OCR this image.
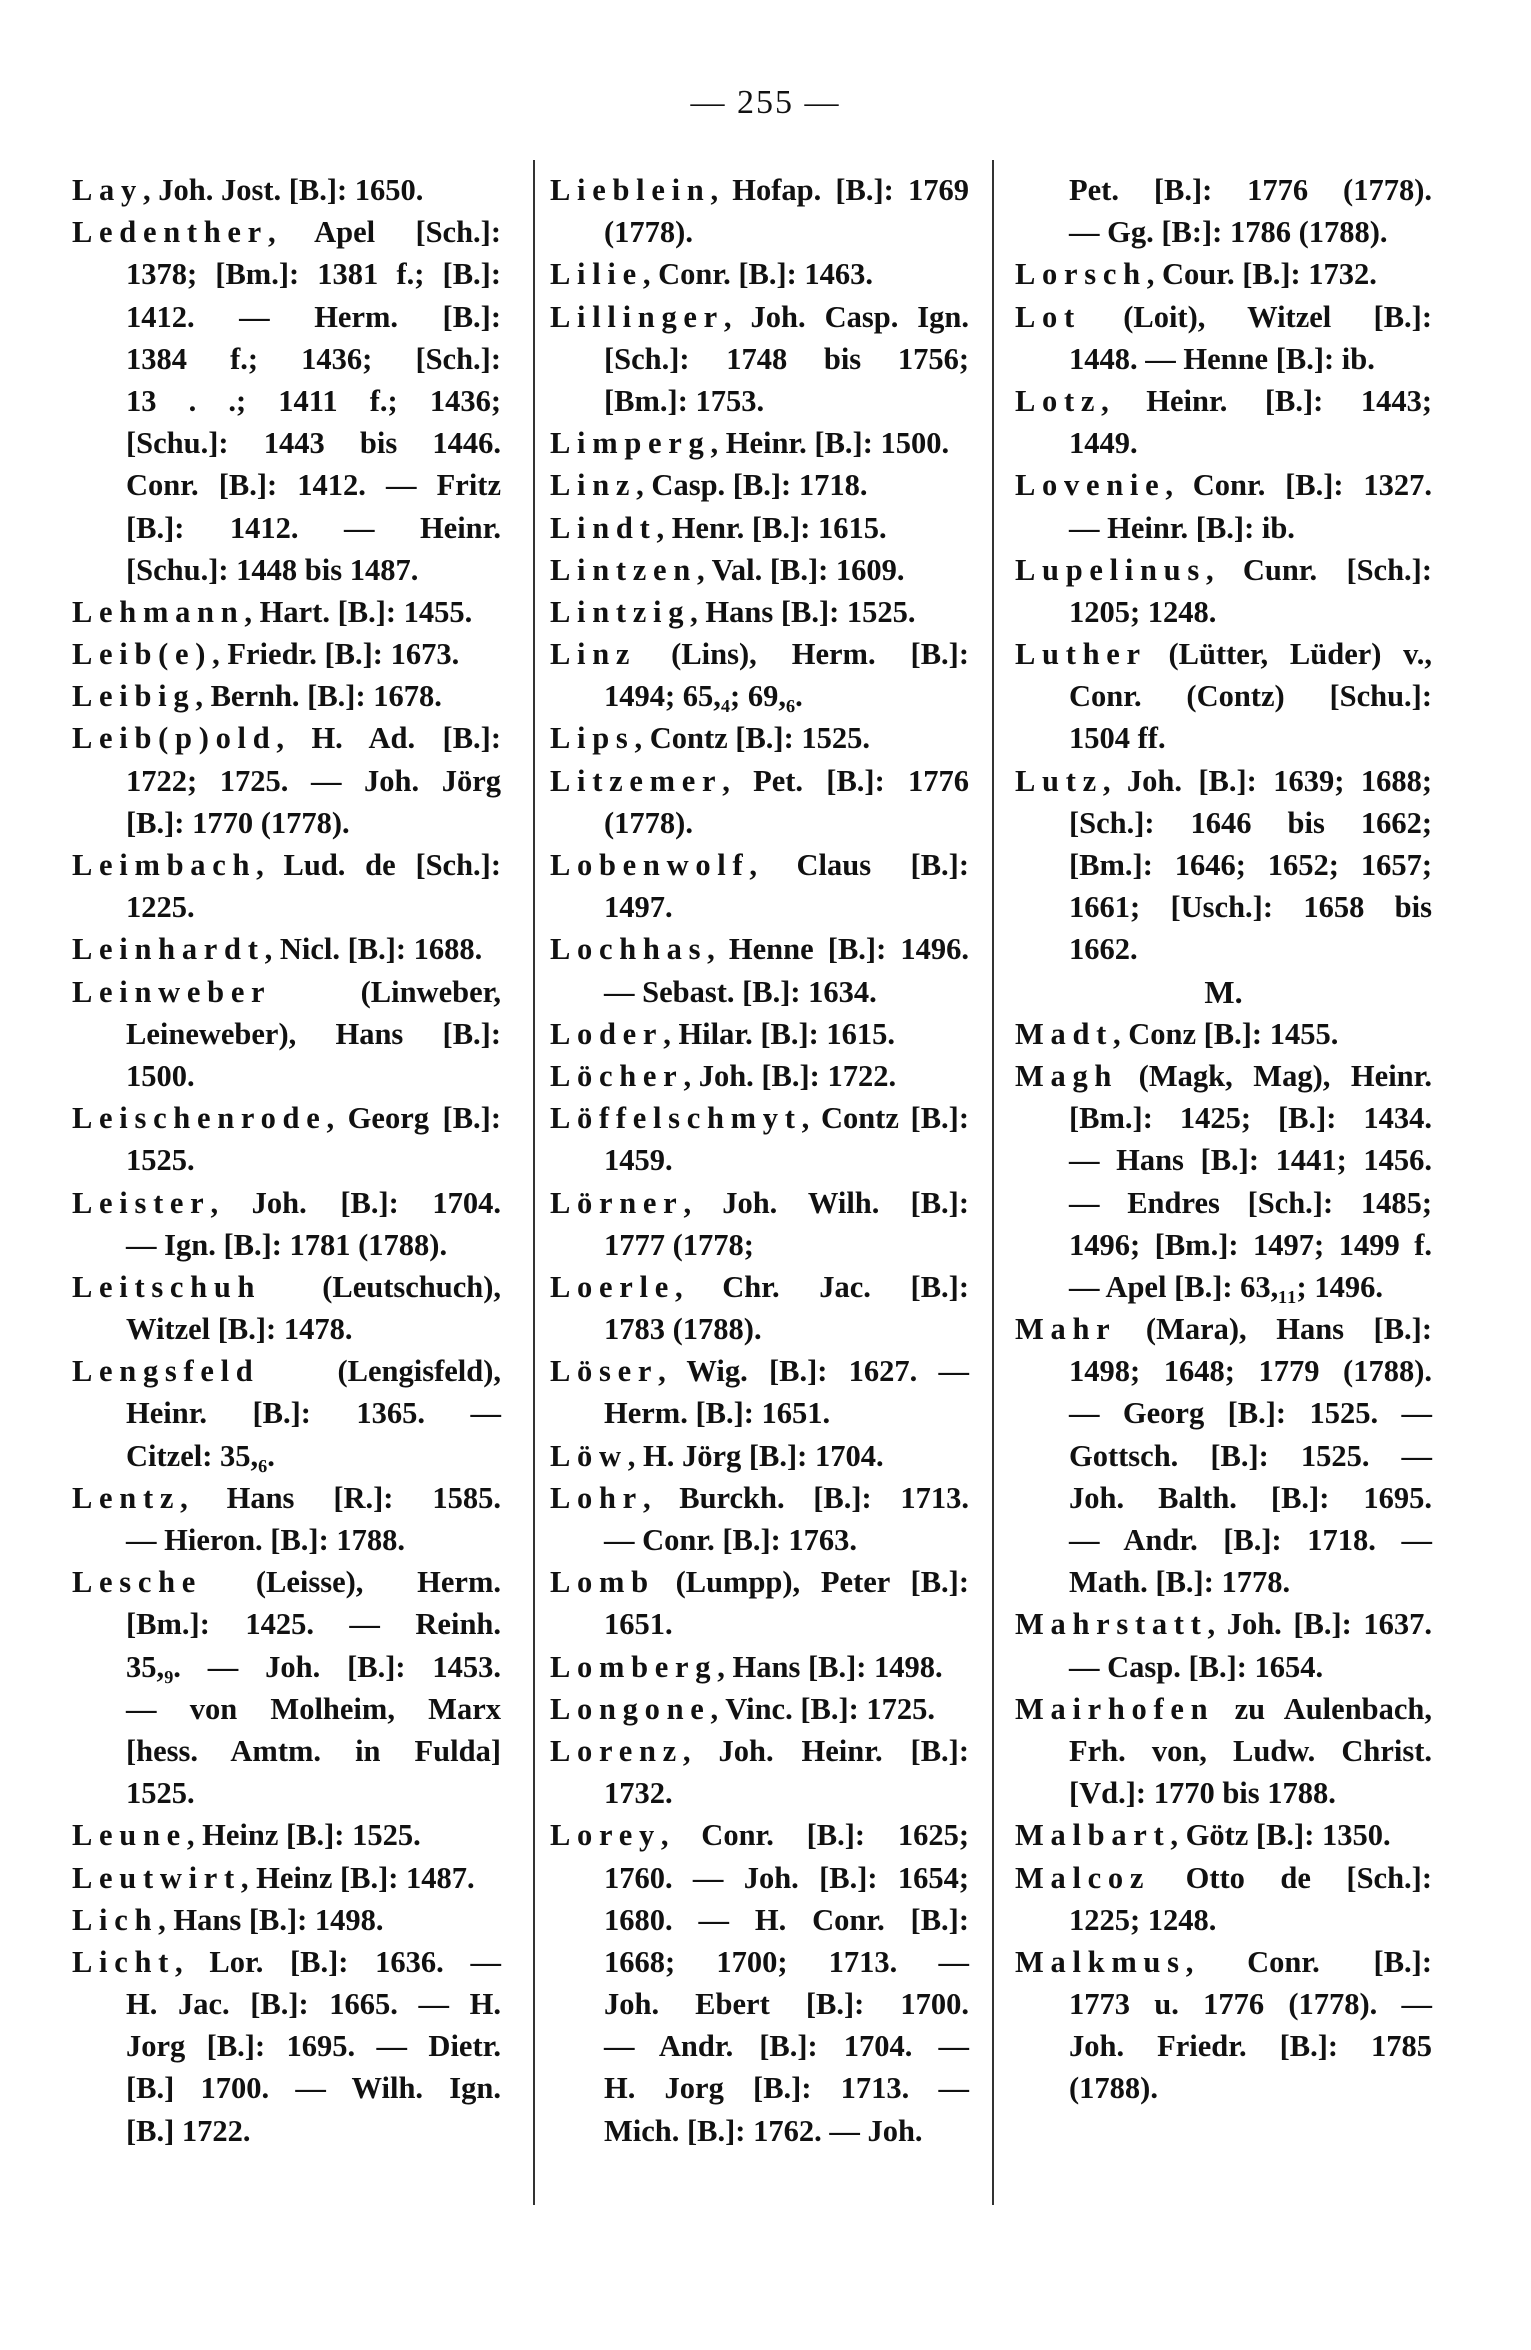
— 255 —
Lay, Joh. Jost. [B.]: 1650.
Ledenther, Apel [Sch.]:
1378; [Bm.]: 1381 f.; [B.]:
1412. — Herm. [B.]:
1384 f.; 1436; [Sch.]:
13 . .; 1411 f.; 1436;
[Schu.]: 1443 bis 1446.
Conr. [B.]: 1412. — Fritz
[B.]: 1412. — Heinr.
[Schu.]: 1448 bis 1487.
Lehmann, Hart. [B.]: 1455.
Leib(e), Friedr. [B.]: 1673.
Leibig, Bernh. [B.]: 1678.
Leib(p)old, H. Ad. [B.]:
1722; 1725. — Joh. Jörg
[B.]: 1770 (1778).
Leimbach, Lud. de [Sch.]:
1225.
Leinhardt, Nicl. [B.]: 1688.
Leinweber (Linweber,
Leineweber), Hans [B.]:
1500.
Leischenrode, Georg [B.]:
1525.
Leister, Joh. [B.]: 1704.
— Ign. [B.]: 1781 (1788).
Leitschuh (Leutschuch),
Witzel [B.]: 1478.
Lengsfeld (Lengisfeld),
Heinr. [B.]: 1365. —
Citzel: 35,₆.
Lentz, Hans [R.]: 1585.
— Hieron. [B.]: 1788.
Lesche (Leisse), Herm.
[Bm.]: 1425. — Reinh.
35,₉. — Joh. [B.]: 1453.
— von Molheim, Marx
[hess. Amtm. in Fulda]
1525.
Leune, Heinz [B.]: 1525.
Leutwirt, Heinz [B.]: 1487.
Lich, Hans [B.]: 1498.
Licht, Lor. [B.]: 1636. —
H. Jac. [B.]: 1665. — H.
Jorg [B.]: 1695. — Dietr.
[B.] 1700. — Wilh. Ign.
[B.] 1722.
Lieblein, Hofap. [B.]: 1769
(1778).
Lilie, Conr. [B.]: 1463.
Lillinger, Joh. Casp. Ign.
[Sch.]: 1748 bis 1756;
[Bm.]: 1753.
Limperg, Heinr. [B.]: 1500.
Linz, Casp. [B.]: 1718.
Lindt, Henr. [B.]: 1615.
Lintzen, Val. [B.]: 1609.
Lintzig, Hans [B.]: 1525.
Linz (Lins), Herm. [B.]:
1494; 65,₄; 69,₆.
Lips, Contz [B.]: 1525.
Litzemer, Pet. [B.]: 1776
(1778).
Lobenwolf, Claus [B.]:
1497.
Lochhas, Henne [B.]: 1496.
— Sebast. [B.]: 1634.
Loder, Hilar. [B.]: 1615.
Löcher, Joh. [B.]: 1722.
Löffelschmyt, Contz [B.]:
1459.
Lörner, Joh. Wilh. [B.]:
1777 (1778;
Loerle, Chr. Jac. [B.]:
1783 (1788).
Löser, Wig. [B.]: 1627. —
Herm. [B.]: 1651.
Löw, H. Jörg [B.]: 1704.
Lohr, Burckh. [B.]: 1713.
— Conr. [B.]: 1763.
Lomb (Lumpp), Peter [B.]:
1651.
Lomberg, Hans [B.]: 1498.
Longone, Vinc. [B.]: 1725.
Lorenz, Joh. Heinr. [B.]:
1732.
Lorey, Conr. [B.]: 1625;
1760. — Joh. [B.]: 1654;
1680. — H. Conr. [B.]:
1668; 1700; 1713. —
Joh. Ebert [B.]: 1700.
— Andr. [B.]: 1704. —
H. Jorg [B.]: 1713. —
Mich. [B.]: 1762. — Joh.
Pet. [B.]: 1776 (1778).
— Gg. [B:]: 1786 (1788).
Lorsch, Cour. [B.]: 1732.
Lot (Loit), Witzel [B.]:
1448. — Henne [B.]: ib.
Lotz, Heinr. [B.]: 1443;
1449.
Lovenie, Conr. [B.]: 1327.
— Heinr. [B.]: ib.
Lupelinus, Cunr. [Sch.]:
1205; 1248.
Luther (Lütter, Lüder) v.,
Conr. (Contz) [Schu.]:
1504 ff.
Lutz, Joh. [B.]: 1639; 1688;
[Sch.]: 1646 bis 1662;
[Bm.]: 1646; 1652; 1657;
1661; [Usch.]: 1658 bis
1662.
M.
Madt, Conz [B.]: 1455.
Magh (Magk, Mag), Heinr.
[Bm.]: 1425; [B.]: 1434.
— Hans [B.]: 1441; 1456.
— Endres [Sch.]: 1485;
1496; [Bm.]: 1497; 1499 f.
— Apel [B.]: 63,₁₁; 1496.
Mahr (Mara), Hans [B.]:
1498; 1648; 1779 (1788).
— Georg [B.]: 1525. —
Gottsch. [B.]: 1525. —
Joh. Balth. [B.]: 1695.
— Andr. [B.]: 1718. —
Math. [B.]: 1778.
Mahrstatt, Joh. [B.]: 1637.
— Casp. [B.]: 1654.
Mairhofen zu Aulenbach,
Frh. von, Ludw. Christ.
[Vd.]: 1770 bis 1788.
Malbart, Götz [B.]: 1350.
Malcoz Otto de [Sch.]:
1225; 1248.
Malkmus, Conr. [B.]:
1773 u. 1776 (1778). —
Joh. Friedr. [B.]: 1785
(1788).
